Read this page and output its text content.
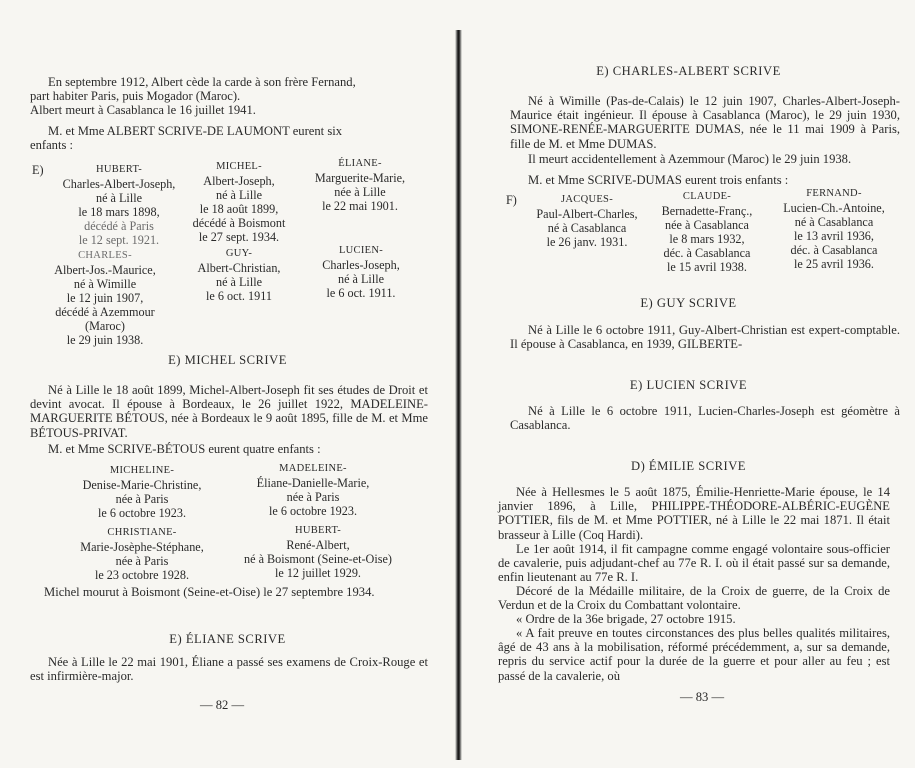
En septembre 1912, Albert cède la carde à son frère Fernand,
part habiter Paris, puis Mogador (Maroc).
Albert meurt à Casablanca le 16 juillet 1941.

M. et Mme ALBERT SCRIVE-DE LAUMONT eurent six
enfants :

E)	HUBERT-
Charles-Albert-Joseph,
né à Lille
le 18 mars 1898,
décédé à Paris
le 12 sept. 1921.
MICHEL-
Albert-Joseph,
né à Lille
le 18 août 1899,
décédé à Boismont
le 27 sept. 1934.
ÉLIANE-
Marguerite-Marie,
née à Lille
le 22 mai 1901.
CHARLES-
Albert-Jos.-Maurice,
né à Wimille
le 12 juin 1907,
décédé à Azemmour
(Maroc)
le 29 juin 1938.
GUY-
Albert-Christian,
né à Lille
le 6 oct. 1911
LUCIEN-
Charles-Joseph,
né à Lille
le 6 oct. 1911.

E) MICHEL SCRIVE

Né à Lille le 18 août 1899, Michel-Albert-Joseph fit ses études de Droit et devint avocat. Il épouse à Bordeaux, le 26 juillet 1922, MADELEINE-MARGUERITE BÉTOUS, née à Bordeaux le 9 août 1895, fille de M. et Mme BÉTOUS-PRIVAT.

M. et Mme SCRIVE-BÉTOUS eurent quatre enfants :

MICHELINE-
Denise-Marie-Christine,
née à Paris
le 6 octobre 1923.
MADELEINE-
Éliane-Danielle-Marie,
née à Paris
le 6 octobre 1923.
CHRISTIANE-
Marie-Josèphe-Stéphane,
née à Paris
le 23 octobre 1928.
HUBERT-
René-Albert,
né à Boismont (Seine-et-Oise)
le 12 juillet 1929.

Michel mourut à Boismont (Seine-et-Oise) le 27 septembre 1934.

E) ÉLIANE SCRIVE

Née à Lille le 22 mai 1901, Éliane a passé ses examens de Croix-Rouge et est infirmière-major.

— 82 —

E) CHARLES-ALBERT SCRIVE

Né à Wimille (Pas-de-Calais) le 12 juin 1907, Charles-Albert-Joseph-Maurice était ingénieur. Il épouse à Casablanca (Maroc), le 29 juin 1930, SIMONE-RENÉE-MARGUERITE DUMAS, née le 11 mai 1909 à Paris, fille de M. et Mme DUMAS.

Il meurt accidentellement à Azemmour (Maroc) le 29 juin 1938.

M. et Mme SCRIVE-DUMAS eurent trois enfants :

F)	JACQUES-
Paul-Albert-Charles,
né à Casablanca
le 26 janv. 1931.
CLAUDE-
Bernadette-Franç.,
née à Casablanca
le 8 mars 1932,
déc. à Casablanca
le 15 avril 1938.
FERNAND-
Lucien-Ch.-Antoine,
né à Casablanca
le 13 avril 1936,
déc. à Casablanca
le 25 avril 1936.

E) GUY SCRIVE

Né à Lille le 6 octobre 1911, Guy-Albert-Christian est expert-comptable. Il épouse à Casablanca, en 1939, GILBERTE-

E) LUCIEN SCRIVE

Né à Lille le 6 octobre 1911, Lucien-Charles-Joseph est géomètre à Casablanca.

D) ÉMILIE SCRIVE

Née à Hellesmes le 5 août 1875, Émilie-Henriette-Marie épouse, le 14 janvier 1896, à Lille, PHILIPPE-THÉODORE-ALBÉRIC-EUGÈNE POTTIER, fils de M. et Mme POTTIER, né à Lille le 22 mai 1871. Il était brasseur à Lille (Coq Hardi).

Le 1er août 1914, il fit campagne comme engagé volontaire sous-officier de cavalerie, puis adjudant-chef au 77e R. I. où il était passé sur sa demande, enfin lieutenant au 77e R. I.

Décoré de la Médaille militaire, de la Croix de guerre, de la Croix de Verdun et de la Croix du Combattant volontaire.

« Ordre de la 36e brigade, 27 octobre 1915.

« A fait preuve en toutes circonstances des plus belles qualités militaires, âgé de 43 ans à la mobilisation, réformé précédemment, a, sur sa demande, repris du service actif pour la durée de la guerre et pour aller au feu ; est passé de la cavalerie, où

— 83 —
